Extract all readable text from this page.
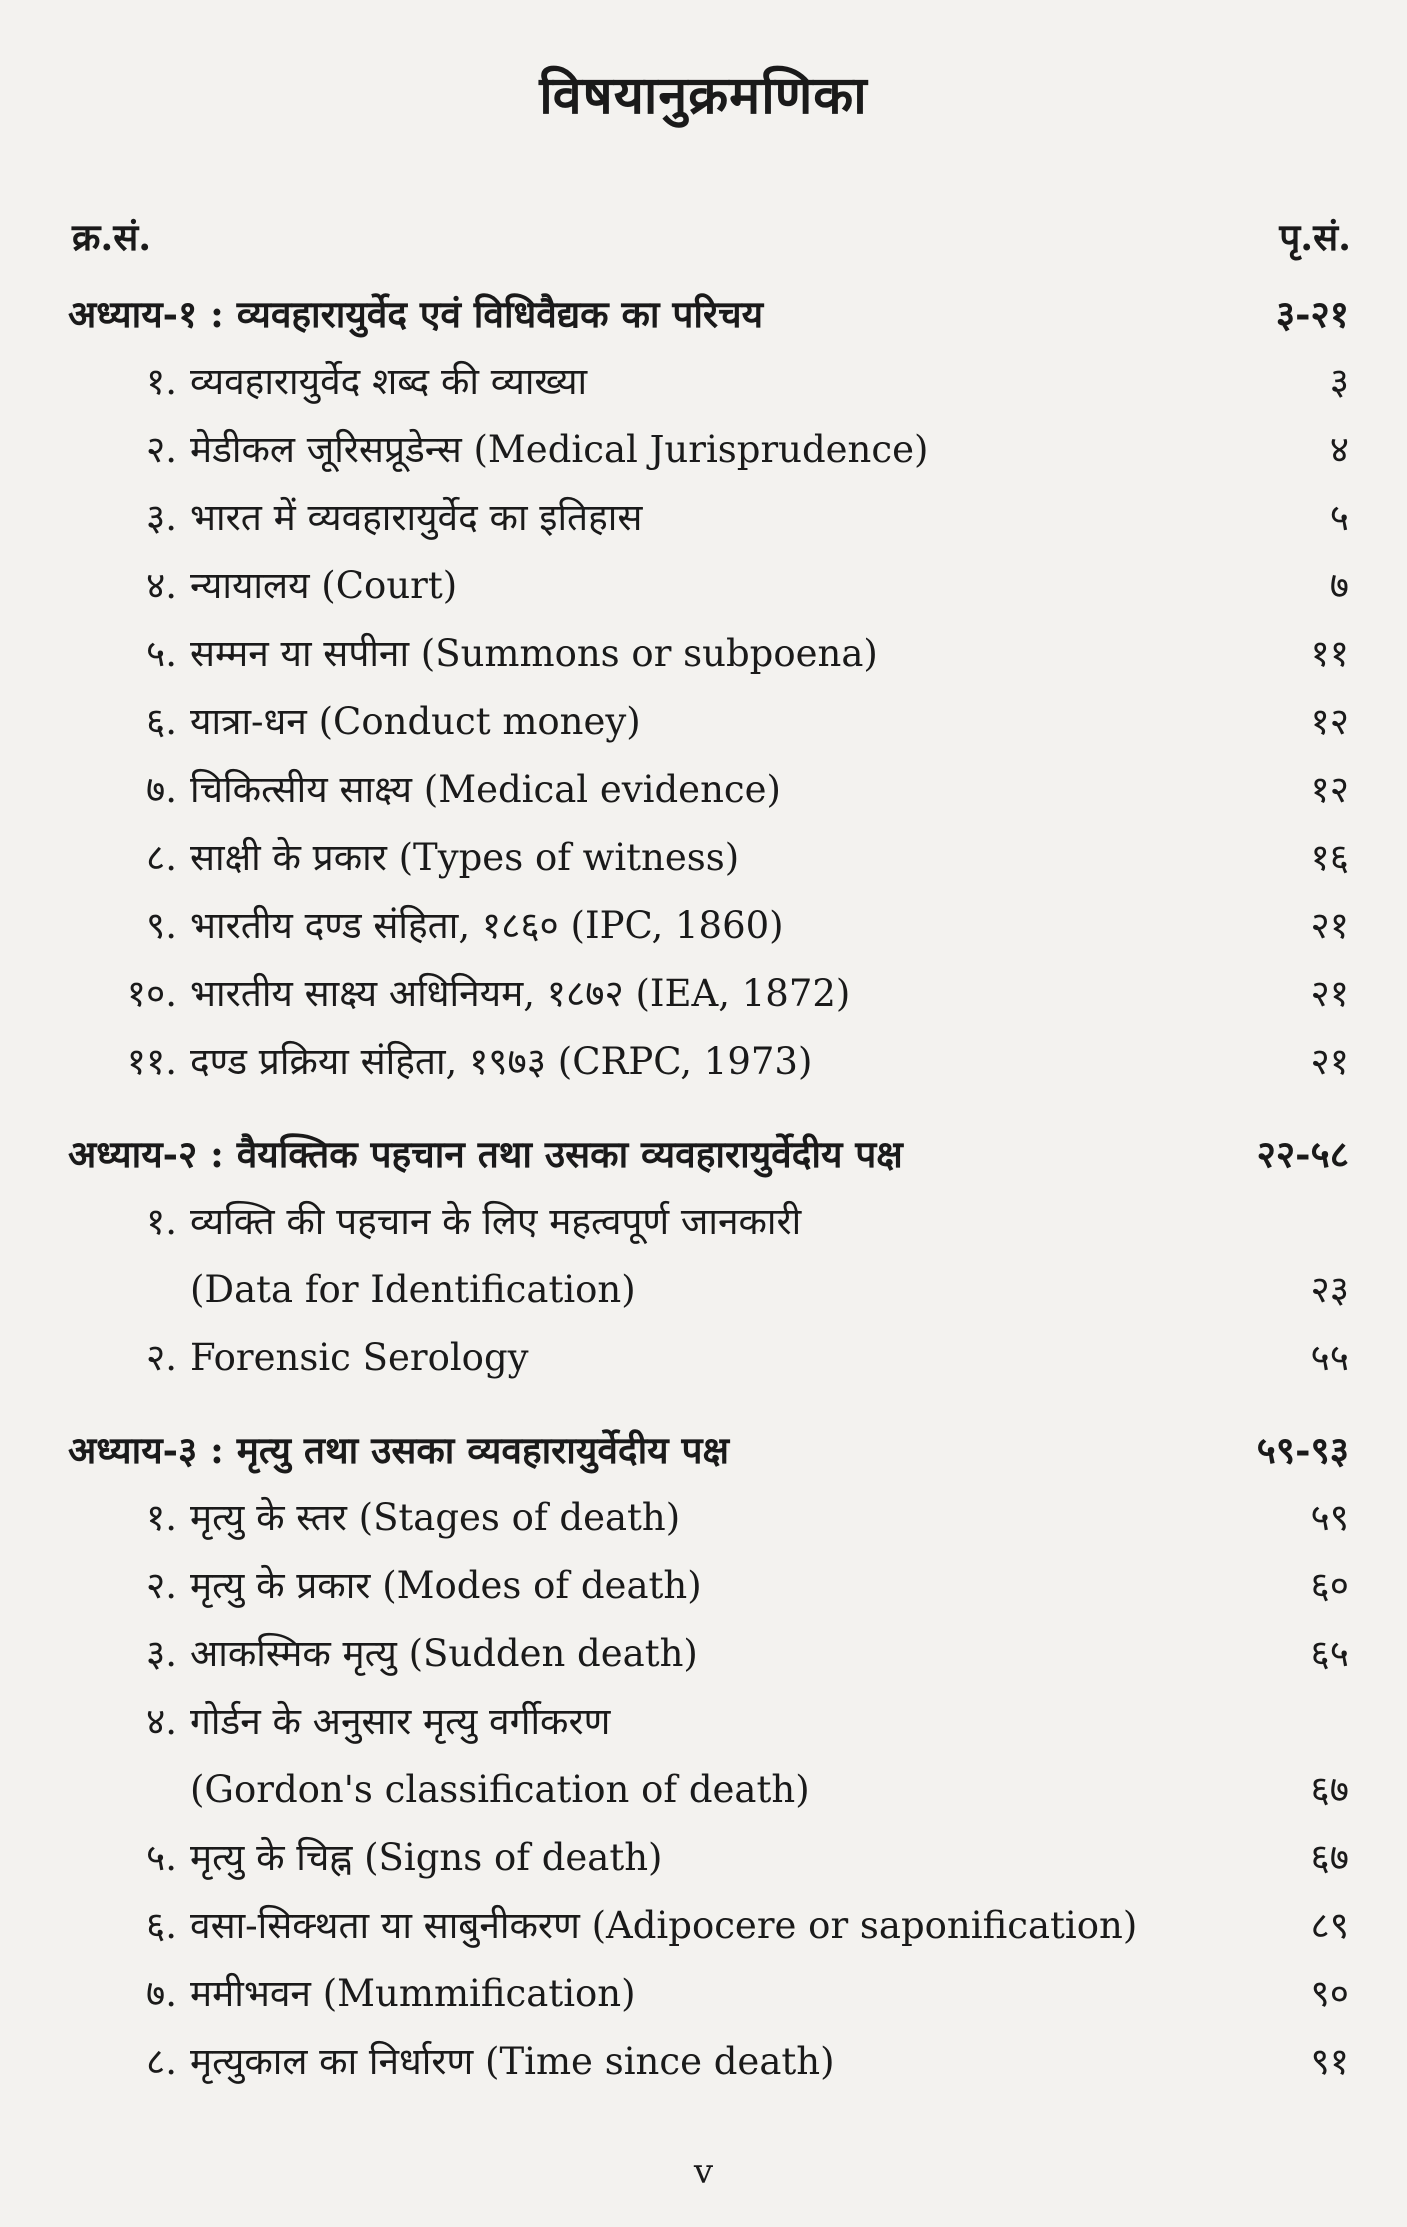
विषयानुक्रमणिका
क्र.सं.	पृ.सं.
अध्याय-१ : व्यवहारायुर्वेद एवं विधिवैद्यक का परिचय	३-२१
१. व्यवहारायुर्वेद शब्द की व्याख्या	३
२. मेडीकल जूरिसप्रूडेन्स (Medical Jurisprudence)	४
३. भारत में व्यवहारायुर्वेद का इतिहास	५
४. न्यायालय (Court)	७
५. सम्मन या सपीना (Summons or subpoena)	११
६. यात्रा-धन (Conduct money)	१२
७. चिकित्सीय साक्ष्य (Medical evidence)	१२
८. साक्षी के प्रकार (Types of witness)	१६
९. भारतीय दण्ड संहिता, १८६० (IPC, 1860)	२१
१०. भारतीय साक्ष्य अधिनियम, १८७२ (IEA, 1872)	२१
११. दण्ड प्रक्रिया संहिता, १९७३ (CRPC, 1973)	२१
अध्याय-२ : वैयक्तिक पहचान तथा उसका व्यवहारायुर्वेदीय पक्ष	२२-५८
१. व्यक्ति की पहचान के लिए महत्वपूर्ण जानकारी
(Data for Identification)	२३
२. Forensic Serology	५५
अध्याय-३ : मृत्यु तथा उसका व्यवहारायुर्वेदीय पक्ष	५९-९३
१. मृत्यु के स्तर (Stages of death)	५९
२. मृत्यु के प्रकार (Modes of death)	६०
३. आकस्मिक मृत्यु (Sudden death)	६५
४. गोर्डन के अनुसार मृत्यु वर्गीकरण
(Gordon's classification of death)	६७
५. मृत्यु के चिह्न (Signs of death)	६७
६. वसा-सिक्थता या साबुनीकरण (Adipocere or saponification)	८९
७. ममीभवन (Mummification)	९०
८. मृत्युकाल का निर्धारण (Time since death)	९१
v
